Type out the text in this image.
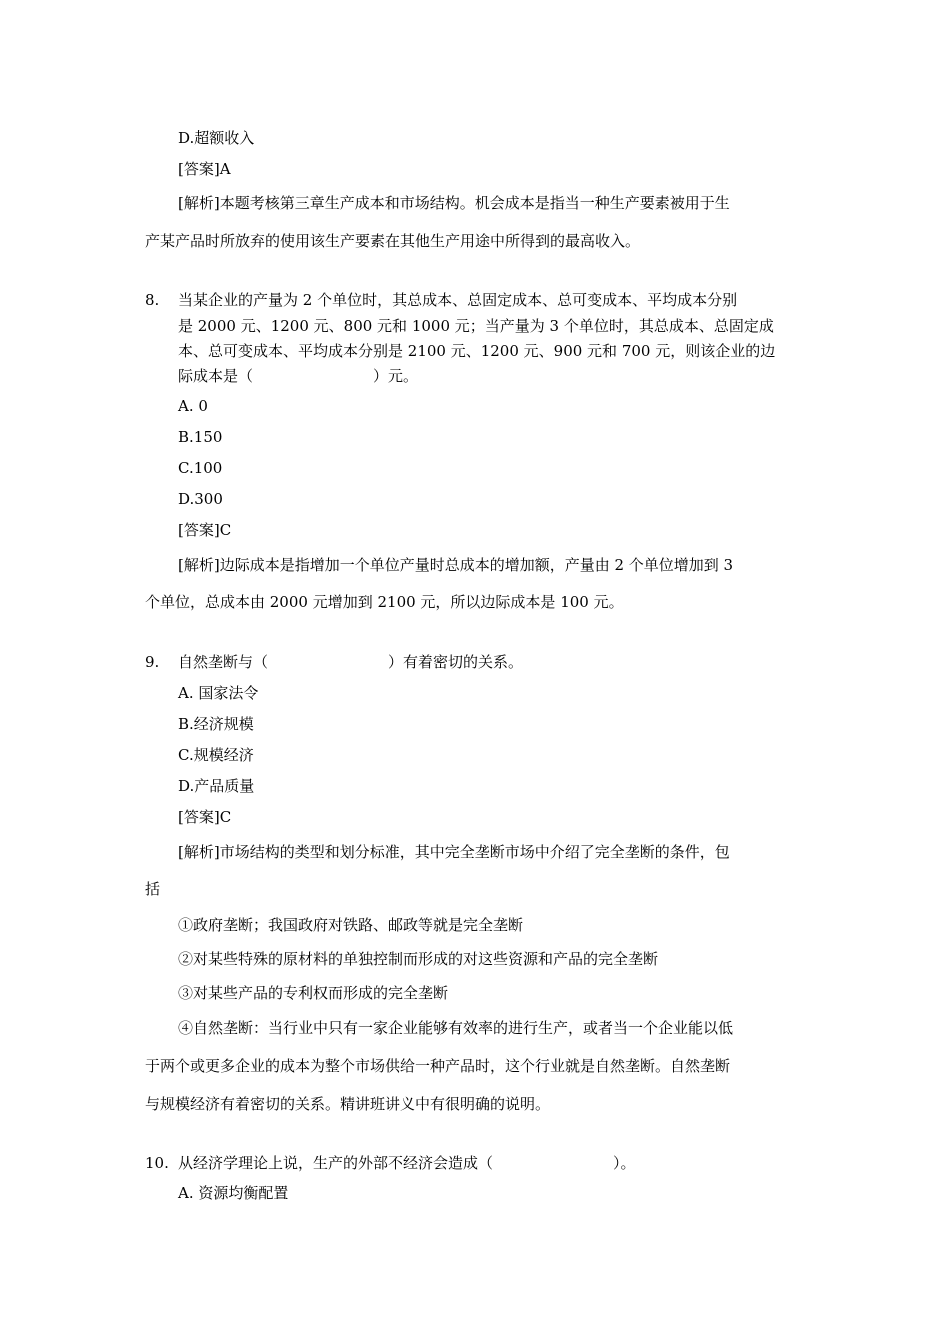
D.超额收入
[答案]A
[解析]本题考核第三章生产成本和市场结构。机会成本是指当一种生产要素被用于生
产某产品时所放弃的使用该生产要素在其他生产用途中所得到的最高收入。
8. 当某企业的产量为 2 个单位时，其总成本、总固定成本、总可变成本、平均成本分别
是 2000 元、1200 元、800 元和 1000 元；当产量为 3 个单位时，其总成本、总固定成
本、总可变成本、平均成本分别是 2100 元、1200 元、900 元和 700 元，则该企业的边
际成本是（　　　　　　　　）元。
A. 0
B.150
C.100
D.300
[答案]C
[解析]边际成本是指增加一个单位产量时总成本的增加额，产量由 2 个单位增加到 3
个单位，总成本由 2000 元增加到 2100 元，所以边际成本是 100 元。
9. 自然垄断与（　　　　　　　　）有着密切的关系。
A. 国家法令
B.经济规模
C.规模经济
D.产品质量
[答案]C
[解析]市场结构的类型和划分标准，其中完全垄断市场中介绍了完全垄断的条件，包
括
①政府垄断；我国政府对铁路、邮政等就是完全垄断
②对某些特殊的原材料的单独控制而形成的对这些资源和产品的完全垄断
③对某些产品的专利权而形成的完全垄断
④自然垄断：当行业中只有一家企业能够有效率的进行生产，或者当一个企业能以低
于两个或更多企业的成本为整个市场供给一种产品时，这个行业就是自然垄断。自然垄断
与规模经济有着密切的关系。精讲班讲义中有很明确的说明。
10. 从经济学理论上说，生产的外部不经济会造成（　　　　　　　　）。
A. 资源均衡配置
